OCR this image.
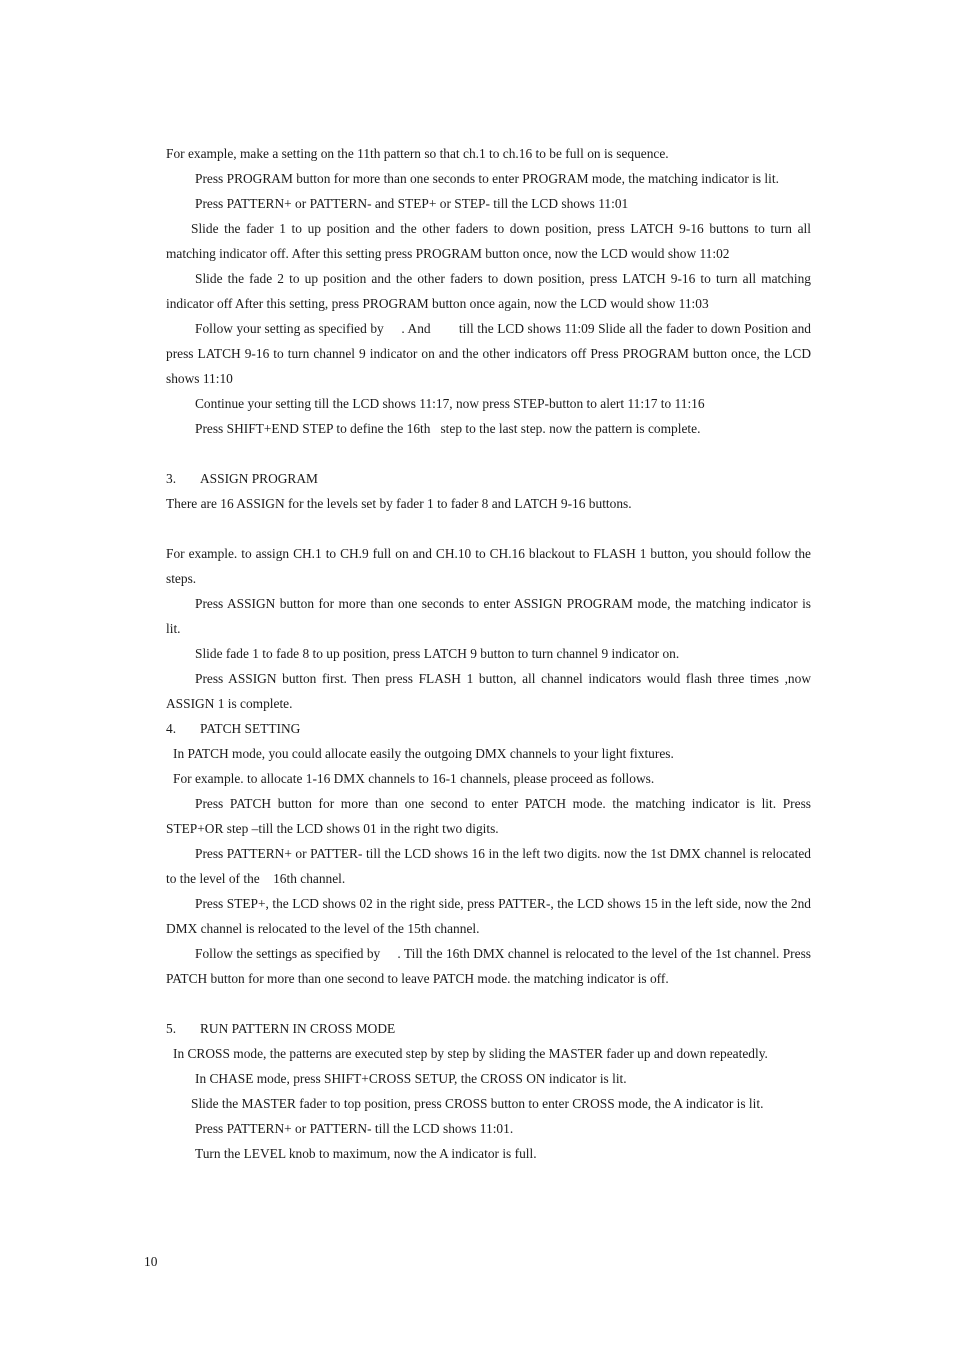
For example, make a setting on the 11th pattern so that ch.1 to ch.16 to be full on is sequence.
Press PROGRAM button for more than one seconds to enter PROGRAM mode, the matching indicator is lit.
Press PATTERN+ or PATTERN- and STEP+ or STEP- till the LCD shows 11:01
Slide the fader 1 to up position and the other faders to down position, press LATCH 9-16 buttons to turn all matching indicator off. After this setting press PROGRAM button once, now the LCD would show 11:02
Slide the fade 2 to up position and the other faders to down position, press LATCH 9-16 to turn all matching indicator off After this setting, press PROGRAM button once again, now the LCD would show 11:03
Follow your setting as specified by     . And        till the LCD shows 11:09 Slide all the fader to down Position and press LATCH 9-16 to turn channel 9 indicator on and the other indicators off Press PROGRAM button once, the LCD shows 11:10
Continue your setting till the LCD shows 11:17, now press STEP-button to alert 11:17 to 11:16
Press SHIFT+END STEP to define the 16th   step to the last step. now the pattern is complete.
3. ASSIGN PROGRAM
There are 16 ASSIGN for the levels set by fader 1 to fader 8 and LATCH 9-16 buttons.
For example. to assign CH.1 to CH.9 full on and CH.10 to CH.16 blackout to FLASH 1 button, you should follow the steps.
Press ASSIGN button for more than one seconds to enter ASSIGN PROGRAM mode, the matching indicator is lit.
Slide fade 1 to fade 8 to up position, press LATCH 9 button to turn channel 9 indicator on.
Press ASSIGN button first. Then press FLASH 1 button, all channel indicators would flash three times ,now ASSIGN 1 is complete.
4. PATCH SETTING
In PATCH mode, you could allocate easily the outgoing DMX channels to your light fixtures.
For example. to allocate 1-16 DMX channels to 16-1 channels, please proceed as follows.
Press PATCH button for more than one second to enter PATCH mode. the matching indicator is lit. Press STEP+OR step –till the LCD shows 01 in the right two digits.
Press PATTERN+ or PATTER- till the LCD shows 16 in the left two digits. now the 1st DMX channel is relocated to the level of the    16th channel.
Press STEP+, the LCD shows 02 in the right side, press PATTER-, the LCD shows 15 in the left side, now the 2nd DMX channel is relocated to the level of the 15th channel.
Follow the settings as specified by     . Till the 16th DMX channel is relocated to the level of the 1st channel. Press PATCH button for more than one second to leave PATCH mode. the matching indicator is off.
5. RUN PATTERN IN CROSS MODE
In CROSS mode, the patterns are executed step by step by sliding the MASTER fader up and down repeatedly.
In CHASE mode, press SHIFT+CROSS SETUP, the CROSS ON indicator is lit.
Slide the MASTER fader to top position, press CROSS button to enter CROSS mode, the A indicator is lit.
Press PATTERN+ or PATTERN- till the LCD shows 11:01.
Turn the LEVEL knob to maximum, now the A indicator is full.
10
